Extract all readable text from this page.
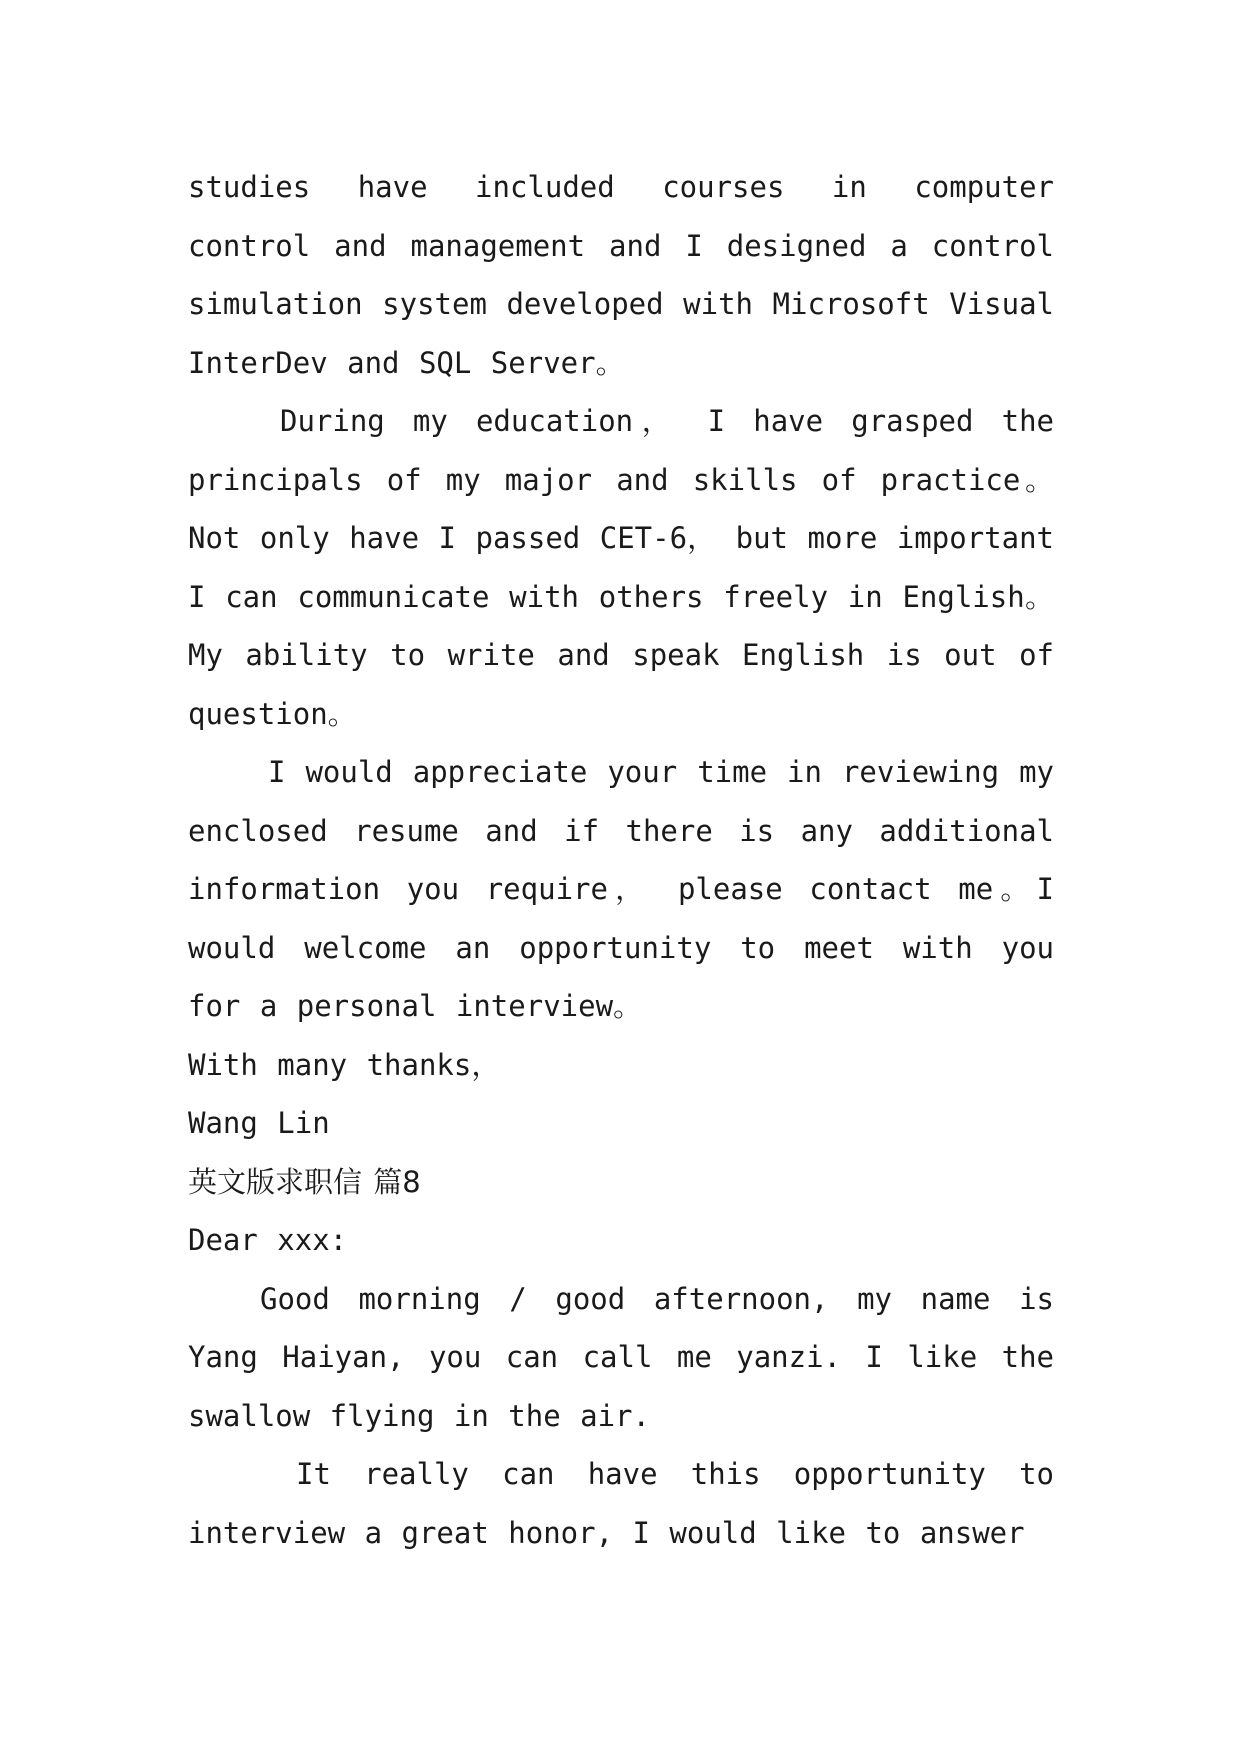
studies have included courses in computer control and management and I designed a control simulation system developed with Microsoft Visual InterDev and SQL Server。

During my education， I have grasped the principals of my major and skills of practice。 Not only have I passed CET-6， but more important I can communicate with others freely in English。 My ability to write and speak English is out of question。

I would appreciate your time in reviewing my enclosed resume and if there is any additional information you require， please contact me。I would welcome an opportunity to meet with you for a personal interview。

With many thanks，

Wang Lin

英文版求职信 篇8

Dear xxx:

Good morning / good afternoon, my name is Yang Haiyan, you can call me yanzi. I like the swallow flying in the air.

It really can have this opportunity to interview a great honor, I would like to answer
